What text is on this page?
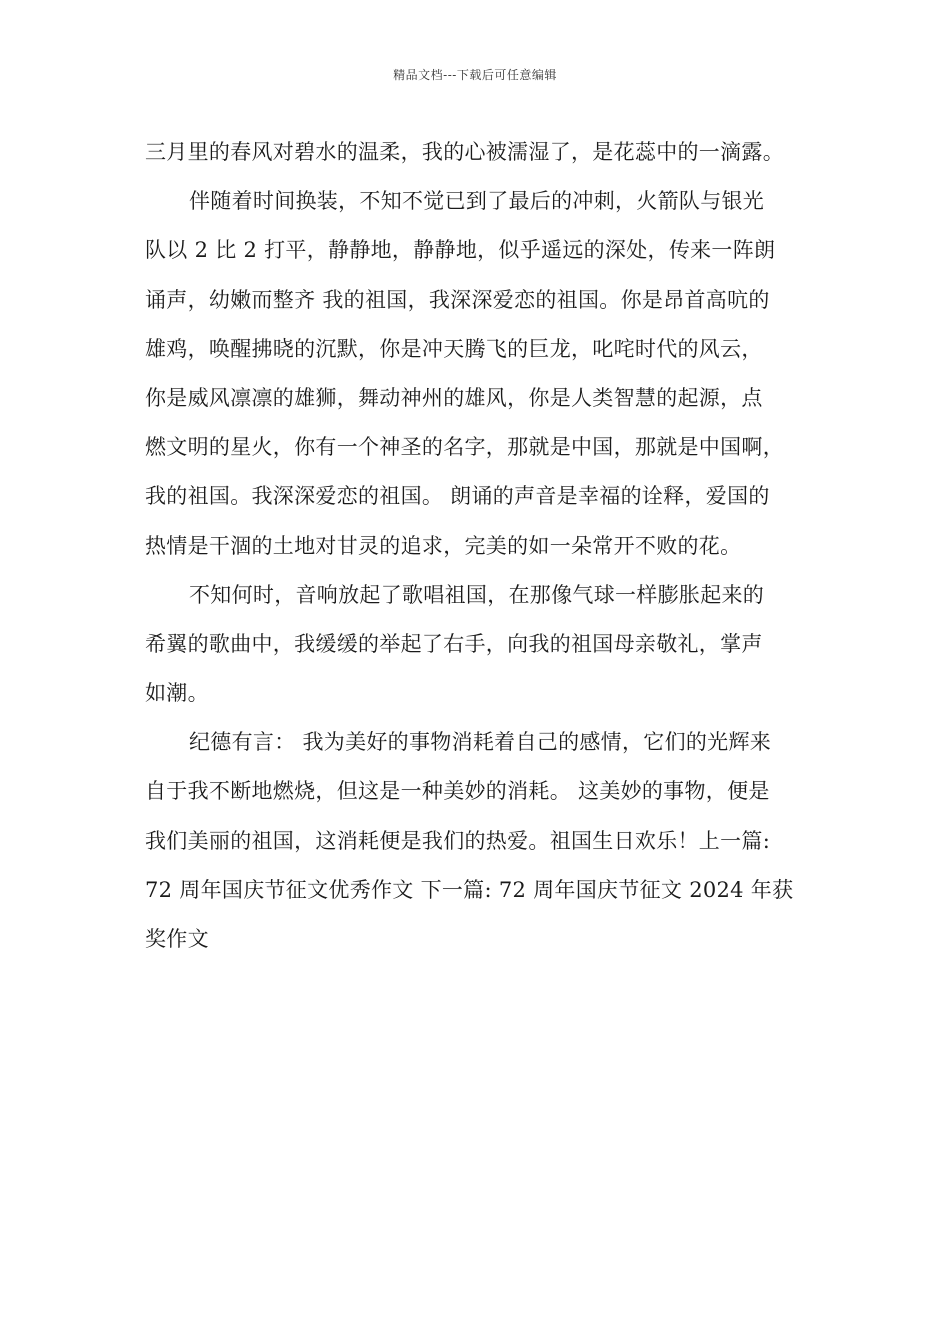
精品文档---下载后可任意编辑
三月里的春风对碧水的温柔，我的心被濡湿了，是花蕊中的一滴露。
伴随着时间换装，不知不觉已到了最后的冲刺，火箭队与银光
队以 2 比 2 打平，静静地，静静地，似乎遥远的深处，传来一阵朗
诵声，幼嫩而整齐 我的祖国，我深深爱恋的祖国。你是昂首高吭的
雄鸡，唤醒拂晓的沉默，你是冲天腾飞的巨龙，叱咤时代的风云，
你是威风凛凛的雄狮，舞动神州的雄风，你是人类智慧的起源，点
燃文明的星火，你有一个神圣的名字，那就是中国，那就是中国啊，
我的祖国。我深深爱恋的祖国。 朗诵的声音是幸福的诠释，爱国的
热情是干涸的土地对甘灵的追求，完美的如一朵常开不败的花。
不知何时，音响放起了歌唱祖国，在那像气球一样膨胀起来的
希翼的歌曲中，我缓缓的举起了右手，向我的祖国母亲敬礼，掌声
如潮。
纪德有言： 我为美好的事物消耗着自己的感情，它们的光辉来
自于我不断地燃烧，但这是一种美妙的消耗。 这美妙的事物，便是
我们美丽的祖国，这消耗便是我们的热爱。祖国生日欢乐！上一篇:
72 周年国庆节征文优秀作文 下一篇: 72 周年国庆节征文 2024 年获
奖作文
